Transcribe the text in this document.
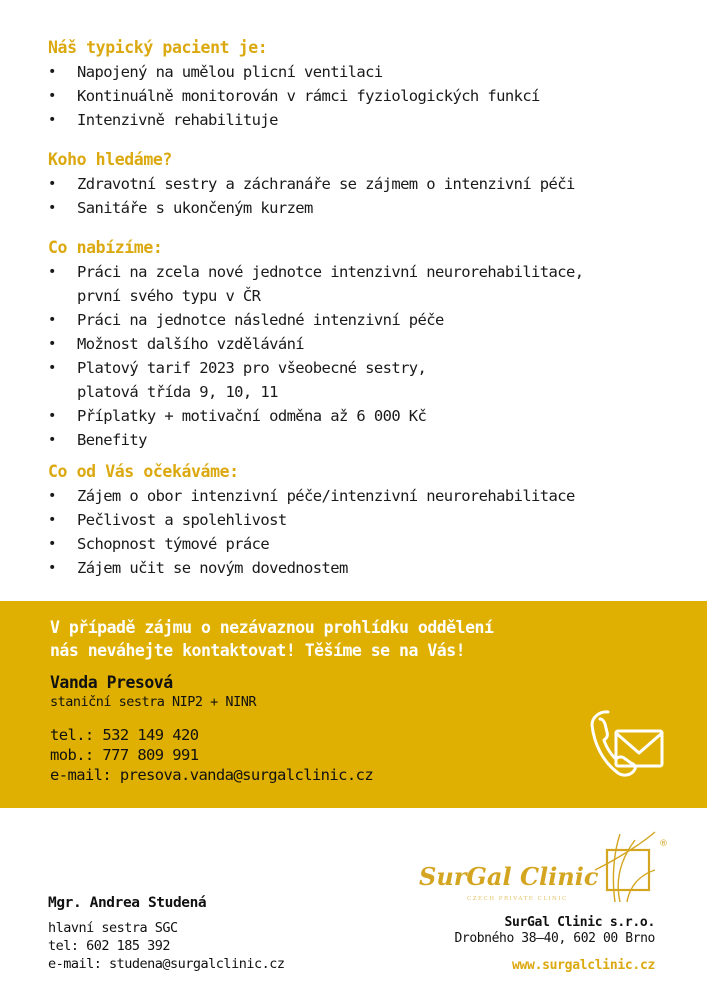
Náš typický pacient je:
• Napojený na umělou plicní ventilaci
• Kontinuálně monitorován v rámci fyziologických funkcí
• Intenzivně rehabilituje
Koho hledáme?
• Zdravotní sestry a záchranáře se zájmem o intenzivní péči
• Sanitáře s ukončeným kurzem
Co nabízíme:
• Práci na zcela nové jednotce intenzivní neurorehabilitace,
první svého typu v ČR
• Práci na jednotce následné intenzivní péče
• Možnost dalšího vzdělávání
• Platový tarif 2023 pro všeobecné sestry,
platová třída 9, 10, 11
• Příplatky + motivační odměna až 6 000 Kč
• Benefity
Co od Vás očekáváme:
• Zájem o obor intenzivní péče/intenzivní neurorehabilitace
• Pečlivost a spolehlivost
• Schopnost týmové práce
• Zájem učit se novým dovednostem
V případě zájmu o nezávaznou prohlídku oddělení
nás neváhejte kontaktovat! Těšíme se na Vás!
Vanda Presová
staniční sestra NIP2 + NINR
tel.: 532 149 420
mob.: 777 809 991
e-mail: presova.vanda@surgalclinic.cz
Mgr. Andrea Studená
hlavní sestra SGC
tel: 602 185 392
e-mail: studena@surgalclinic.cz
SurGal Clinic
CZECH PRIVATE CLINIC
®
SurGal Clinic s.r.o.
Drobného 38–40, 602 00 Brno
www.surgalclinic.cz
